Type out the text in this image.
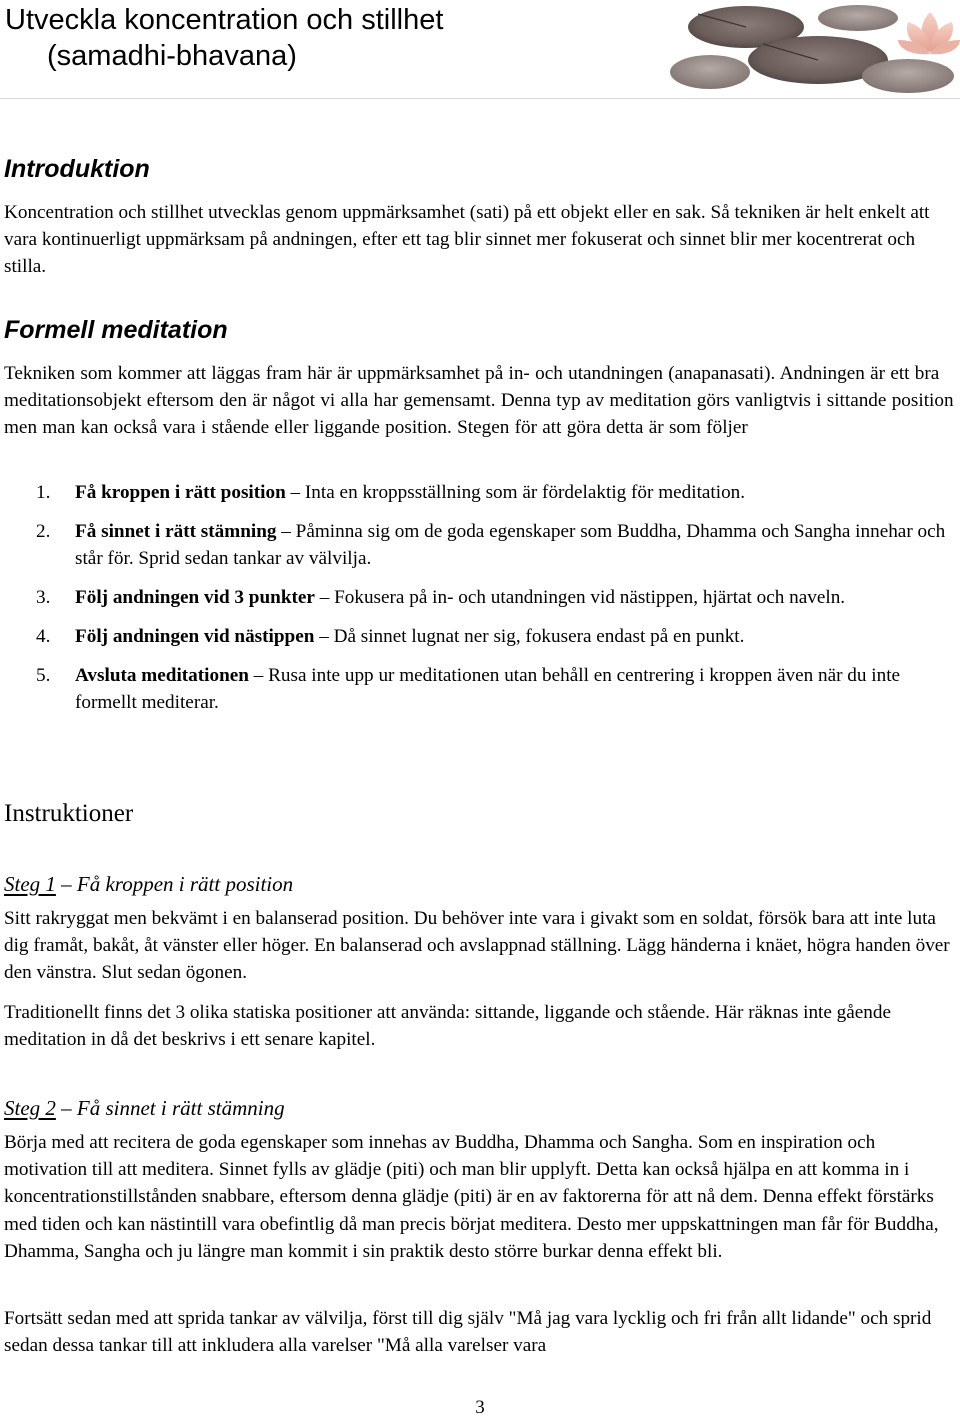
Utveckla koncentration och stillhet
(samadhi-bhavana)
Introduktion

Koncentration och stillhet utvecklas genom uppmärksamhet (sati) på ett objekt eller en sak. Så tekniken är helt enkelt att vara kontinuerligt uppmärksam på andningen, efter ett tag blir sinnet mer fokuserat och sinnet blir mer kocentrerat och stilla.

Formell meditation

Tekniken som kommer att läggas fram här är uppmärksamhet på in- och utandningen (anapanasati). Andningen är ett bra meditationsobjekt eftersom den är något vi alla har gemensamt. Denna typ av meditation görs vanligtvis i sittande position men man kan också vara i stående eller liggande position. Stegen för att göra detta är som följer

1. Få kroppen i rätt position – Inta en kroppsställning som är fördelaktig för meditation.
2. Få sinnet i rätt stämning – Påminna sig om de goda egenskaper som Buddha, Dhamma och Sangha innehar och står för. Sprid sedan tankar av välvilja.
3. Följ andningen vid 3 punkter – Fokusera på in- och utandningen vid nästippen, hjärtat och naveln.
4. Följ andningen vid nästippen – Då sinnet lugnat ner sig, fokusera endast på en punkt.
5. Avsluta meditationen – Rusa inte upp ur meditationen utan behåll en centrering i kroppen även när du inte formellt mediterar.
Instruktioner
Steg 1 – Få kroppen i rätt position

Sitt rakryggat men bekvämt i en balanserad position. Du behöver inte vara i givakt som en soldat, försök bara att inte luta dig framåt, bakåt, åt vänster eller höger. En balanserad och avslappnad ställning. Lägg händerna i knäet, högra handen över den vänstra. Slut sedan ögonen.

Traditionellt finns det 3 olika statiska positioner att använda: sittande, liggande och stående. Här räknas inte gående meditation in då det beskrivs i ett senare kapitel.

Steg 2 – Få sinnet i rätt stämning

Börja med att recitera de goda egenskaper som innehas av Buddha, Dhamma och Sangha. Som en inspiration och motivation till att meditera. Sinnet fylls av glädje (piti) och man blir upplyft. Detta kan också hjälpa en att komma in i koncentrationstillstånden snabbare, eftersom denna glädje (piti) är en av faktorerna för att nå dem. Denna effekt förstärks med tiden och kan nästintill vara obefintlig då man precis börjat meditera. Desto mer uppskattningen man får för Buddha, Dhamma, Sangha och ju längre man kommit i sin praktik desto större burkar denna effekt bli.

Fortsätt sedan med att sprida tankar av välvilja, först till dig själv "Må jag vara lycklig och fri från allt lidande" och sprid sedan dessa tankar till att inkludera alla varelser "Må alla varelser vara

3
